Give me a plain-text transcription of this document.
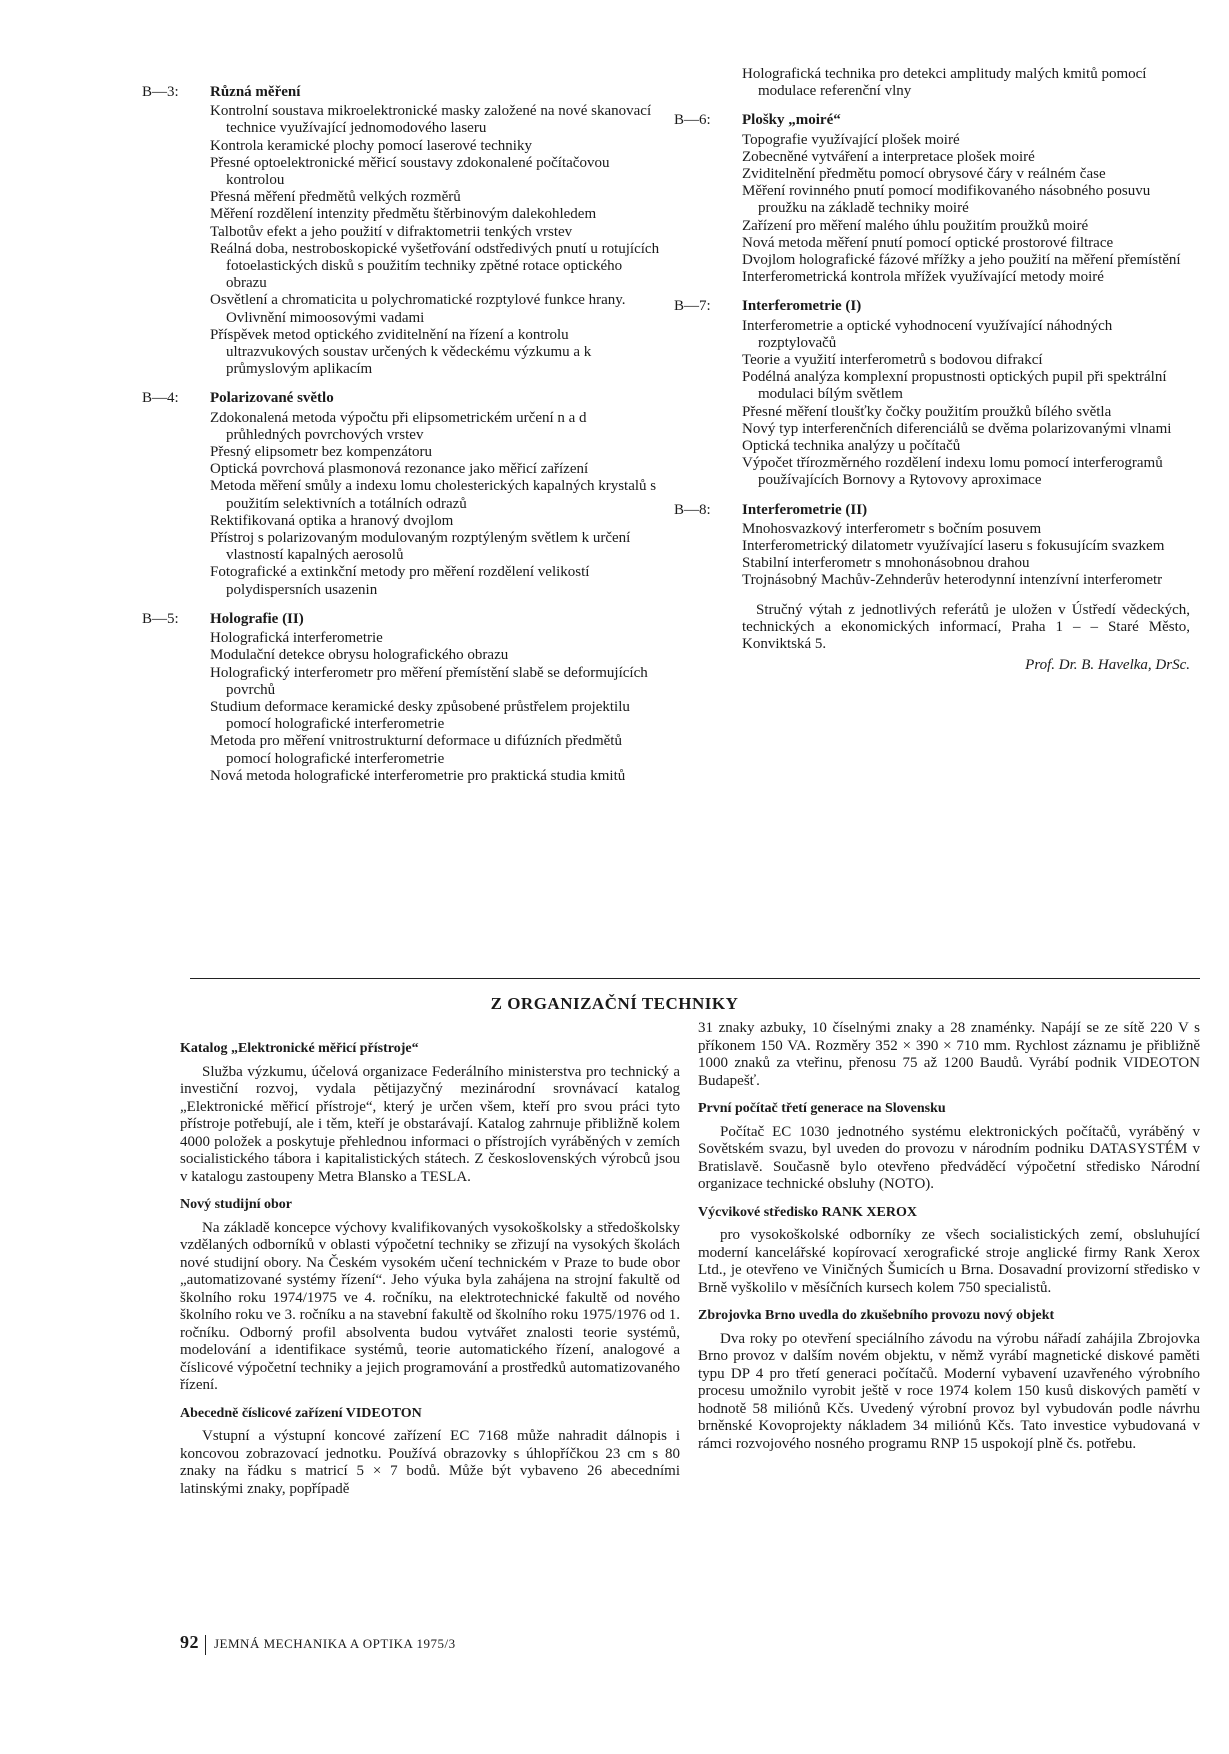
B—3: Různá měření
Kontrolní soustava mikroelektronické masky založené na nové skanovací technice využívající jednomodového laseru
Kontrola keramické plochy pomocí laserové techniky
Přesné optoelektronické měřicí soustavy zdokonalené počítačovou kontrolou
Přesná měření předmětů velkých rozměrů
Měření rozdělení intenzity předmětu štěrbinovým dalekohledem
Talbotův efekt a jeho použití v difraktometrii tenkých vrstev
Reálná doba, nestroboskopické vyšetřování odstředivých pnutí u rotujících fotoelastických disků s použitím techniky zpětné rotace optického obrazu
Osvětlení a chromaticita u polychromatické rozptylové funkce hrany. Ovlivnění mimoosovými vadami
Příspěvek metod optického zviditelnění na řízení a kontrolu ultrazvukových soustav určených k vědeckému výzkumu a k průmyslovým aplikacím
B—4: Polarizované světlo
Zdokonalená metoda výpočtu při elipsometrickém určení n a d průhledných povrchových vrstev
Přesný elipsometr bez kompenzátoru
Optická povrchová plasmonová rezonance jako měřicí zařízení
Metoda měření smůly a indexu lomu cholesterických kapalných krystalů s použitím selektivních a totálních odrazů
Rektifikovaná optika a hranový dvojlom
Přístroj s polarizovaným modulovaným rozptýleným světlem k určení vlastností kapalných aerosolů
Fotografické a extinkční metody pro měření rozdělení velikostí polydispersních usazenin
B—5: Holografie (II)
Holografická interferometrie
Modulační detekce obrysu holografického obrazu
Holografický interferometr pro měření přemístění slabě se deformujících povrchů
Studium deformace keramické desky způsobené průstřelem projektilu pomocí holografické interferometrie
Metoda pro měření vnitrostrukturní deformace u difúzních předmětů pomocí holografické interferometrie
Nová metoda holografické interferometrie pro praktická studia kmitů
Holografická technika pro detekci amplitudy malých kmitů pomocí modulace referenční vlny
B—6: Plošky „moiré“
Topografie využívající plošek moiré
Zobecněné vytváření a interpretace plošek moiré
Zviditelnění předmětu pomocí obrysové čáry v reálném čase
Měření rovinného pnutí pomocí modifikovaného násobného posuvu proužku na základě techniky moiré
Zařízení pro měření malého úhlu použitím proužků moiré
Nová metoda měření pnutí pomocí optické prostorové filtrace
Dvojlom holografické fázové mřížky a jeho použití na měření přemístění
Interferometrická kontrola mřížek využívající metody moiré
B—7: Interferometrie (I)
Interferometrie a optické vyhodnocení využívající náhodných rozptylovačů
Teorie a využití interferometrů s bodovou difrakcí
Podélná analýza komplexní propustnosti optických pupil při spektrální modulaci bílým světlem
Přesné měření tloušťky čočky použitím proužků bílého světla
Nový typ interferenčních diferenciálů se dvěma polarizovanými vlnami
Optická technika analýzy u počítačů
Výpočet třírozměrného rozdělení indexu lomu pomocí interferogramů používajících Bornovy a Rytovovy aproximace
B—8: Interferometrie (II)
Mnohosvazkový interferometr s bočním posuvem
Interferometrický dilatometr využívající laseru s fokusujícím svazkem
Stabilní interferometr s mnohonásobnou drahou
Trojnásobný Machův-Zehnderův heterodynní intenzívní interferometr
Stručný výtah z jednotlivých referátů je uložen v Ústředí vědeckých, technických a ekonomických informací, Praha 1 – – Staré Město, Konviktská 5.
Prof. Dr. B. Havelka, DrSc.
Z ORGANIZAČNÍ TECHNIKY
Katalog „Elektronické měřicí přístroje“

Služba výzkumu, účelová organizace Federálního ministerstva pro technický a investiční rozvoj, vydala pětijazyčný mezinárodní srovnávací katalog „Elektronické měřicí přístroje“, který je určen všem, kteří pro svou práci tyto přístroje potřebují, ale i těm, kteří je obstarávají. Katalog zahrnuje přibližně kolem 4000 položek a poskytuje přehlednou informaci o přístrojích vyráběných v zemích socialistického tábora i kapitalistických státech. Z československých výrobců jsou v katalogu zastoupeny Metra Blansko a TESLA.

Nový studijní obor

Na základě koncepce výchovy kvalifikovaných vysokoškolsky a středoškolsky vzdělaných odborníků v oblasti výpočetní techniky se zřizují na vysokých školách nové studijní obory. Na Českém vysokém učení technickém v Praze to bude obor „automatizované systémy řízení“. Jeho výuka byla zahájena na strojní fakultě od školního roku 1974/1975 ve 4. ročníku, na elektrotechnické fakultě od nového školního roku ve 3. ročníku a na stavební fakultě od školního roku 1975/1976 od 1. ročníku. Odborný profil absolventa budou vytvářet znalosti teorie systémů, modelování a identifikace systémů, teorie automatického řízení, analogové a číslicové výpočetní techniky a jejich programování a prostředků automatizovaného řízení.

Abecedně číslicové zařízení VIDEOTON

Vstupní a výstupní koncové zařízení EC 7168 může nahradit dálnopis i koncovou zobrazovací jednotku. Používá obrazovky s úhlopříčkou 23 cm s 80 znaky na řádku s matricí 5 × 7 bodů. Může být vybaveno 26 abecedními latinskými znaky, popřípadě

31 znaky azbuky, 10 číselnými znaky a 28 znaménky. Napájí se ze sítě 220 V s příkonem 150 VA. Rozměry 352 × 390 × 710 mm. Rychlost záznamu je přibližně 1000 znaků za vteřinu, přenosu 75 až 1200 Baudů. Vyrábí podnik VIDEOTON Budapešť.

První počítač třetí generace na Slovensku

Počítač EC 1030 jednotného systému elektronických počítačů, vyráběný v Sovětském svazu, byl uveden do provozu v národním podniku DATASYSTÉM v Bratislavě. Současně bylo otevřeno předváděcí výpočetní středisko Národní organizace technické obsluhy (NOTO).

Výcvikové středisko RANK XEROX

pro vysokoškolské odborníky ze všech socialistických zemí, obsluhující moderní kancelářské kopírovací xerografické stroje anglické firmy Rank Xerox Ltd., je otevřeno ve Viničných Šumicích u Brna. Dosavadní provizorní středisko v Brně vyškolilo v měsíčních kursech kolem 750 specialistů.

Zbrojovka Brno uvedla do zkušebního provozu nový objekt

Dva roky po otevření speciálního závodu na výrobu nářadí zahájila Zbrojovka Brno provoz v dalším novém objektu, v němž vyrábí magnetické diskové paměti typu DP 4 pro třetí generaci počítačů. Moderní vybavení uzavřeného výrobního procesu umožnilo vyrobit ještě v roce 1974 kolem 150 kusů diskových pamětí v hodnotě 58 miliónů Kčs. Uvedený výrobní provoz byl vybudován podle návrhu brněnské Kovoprojekty nákladem 34 miliónů Kčs. Tato investice vybudovaná v rámci rozvojového nosného programu RNP 15 uspokojí plně čs. potřebu.

92 JEMNÁ MECHANIKA A OPTIKA 1975/3
